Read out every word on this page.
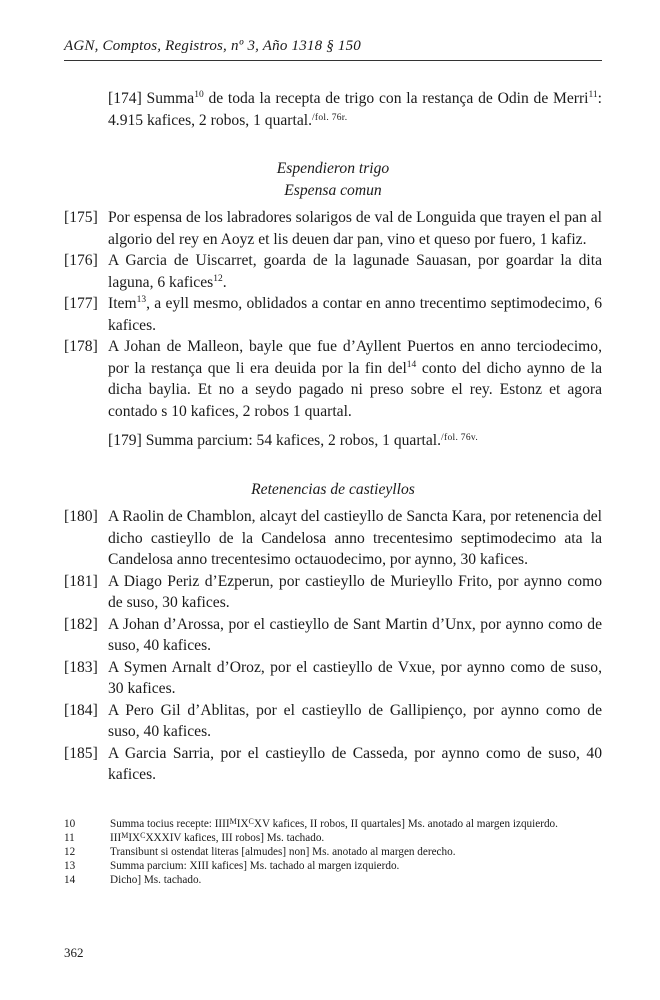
AGN, Comptos, Registros, nº 3, Año 1318 § 150
[174] Summa$^{10}$ de toda la recepta de trigo con la restança de Odin de Merri$^{11}$: 4.915 kafices, 2 robos, 1 quartal.$^{/fol. 76r.}$
Espendieron trigo
Espensa comun
[175] Por espensa de los labradores solarigos de val de Longuida que trayen el pan al algorio del rey en Aoyz et lis deuen dar pan, vino et queso por fuero, 1 kafiz.
[176] A Garcia de Uiscarret, goarda de la lagunade Sauasan, por goardar la dita laguna, 6 kafices$^{12}$.
[177] Item$^{13}$, a eyll mesmo, oblidados a contar en anno trecentimo septimodecimo, 6 kafices.
[178] A Johan de Malleon, bayle que fue d’Ayllent Puertos en anno terciodecimo, por la restança que li era deuida por la fin del$^{14}$ conto del dicho aynno de la dicha baylia. Et no a seydo pagado ni preso sobre el rey. Estonz et agora contado s 10 kafices, 2 robos 1 quartal.
[179] Summa parcium: 54 kafices, 2 robos, 1 quartal.$^{/fol. 76v.}$
Retenencias de castieyllos
[180] A Raolin de Chamblon, alcayt del castieyllo de Sancta Kara, por retenencia del dicho castieyllo de la Candelosa anno trecentesimo septimodecimo ata la Candelosa anno trecentesimo octauodecimo, por aynno, 30 kafices.
[181] A Diago Periz d’Ezperun, por castieyllo de Murieyllo Frito, por aynno como de suso, 30 kafices.
[182] A Johan d’Arossa, por el castieyllo de Sant Martin d’Unx, por aynno como de suso, 40 kafices.
[183] A Symen Arnalt d’Oroz, por el castieyllo de Vxue, por aynno como de suso, 30 kafices.
[184] A Pero Gil d’Ablitas, por el castieyllo de Gallipienço, por aynno como de suso, 40 kafices.
[185] A Garcia Sarria, por el castieyllo de Casseda, por aynno como de suso, 40 kafices.
10	Summa tocius recepte: $IIII^MIX^CXV$ kafices, II robos, II quartales] Ms. anotado al margen izquierdo.
11	$III^MIX^CXXXIV$ kafices, III robos] Ms. tachado.
12	Transibunt si ostendat literas [almudes] non] Ms. anotado al margen derecho.
13	Summa parcium: XIII kafices] Ms. tachado al margen izquierdo.
14	Dicho] Ms. tachado.
362
